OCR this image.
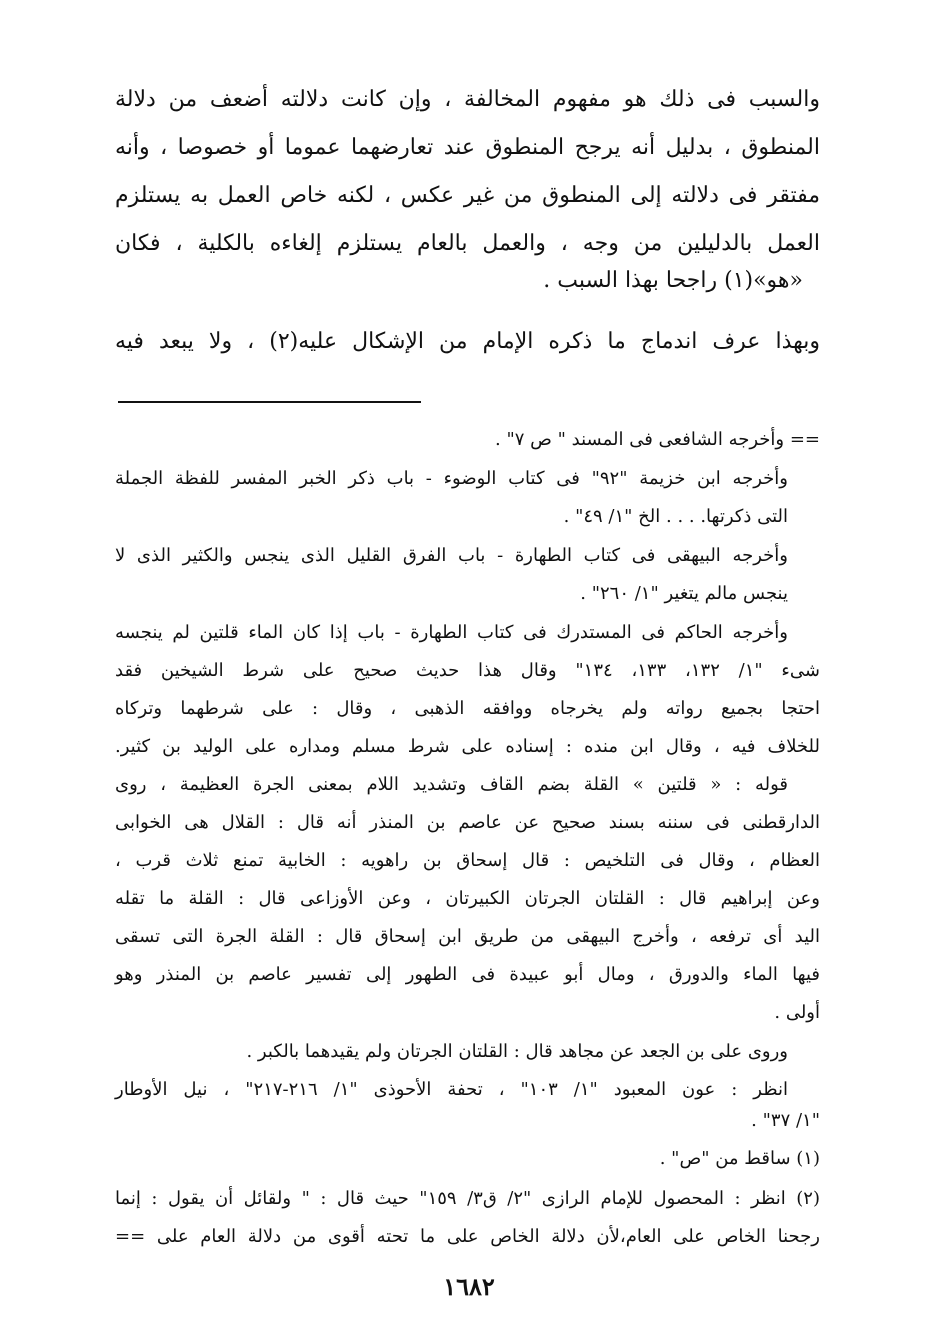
والسبب فى ذلك هو مفهوم المخالفة ، وإن كانت دلالته أضعف من دلالة
المنطوق ، بدليل أنه يرجح المنطوق عند تعارضهما عموما أو خصوصا ، وأنه
مفتقر فى دلالته إلى المنطوق من غير عكس ، لكنه خاص العمل به يستلزم
العمل بالدليلين من وجه ، والعمل بالعام يستلزم إلغاءه بالكلية ، فكان
«هو»(١) راجحا بهذا السبب .
وبهذا عرف اندماج ما ذكره الإمام من الإشكال عليه(٢) ، ولا يبعد فيه
== وأخرجه الشافعى فى المسند " ص ٧" .
وأخرجه ابن خزيمة "٩٢" فى كتاب الوضوء - باب ذكر الخبر المفسر للفظة الجملة
التى ذكرتها. . . . الخ "١/ ٤٩" .
وأخرجه البيهقى فى كتاب الطهارة - باب الفرق القليل الذى ينجس والكثير الذى لا
ينجس مالم يتغير "١/ ٢٦٠" .
وأخرجه الحاكم فى المستدرك فى كتاب الطهارة - باب إذا كان الماء قلتين لم ينجسه
شىء "١/ ١٣٢، ١٣٣، ١٣٤" وقال هذا حديث صحيح على شرط الشيخين فقد
احتجا بجميع رواته ولم يخرجاه ووافقه الذهبى ، وقال : على شرطهما وتركاه
للخلاف فيه ، وقال ابن منده : إسناده على شرط مسلم ومداره على الوليد بن كثير.
قوله : « قلتين » القلة بضم القاف وتشديد اللام بمعنى الجرة العظيمة ، روى
الدارقطنى فى سننه بسند صحيح عن عاصم بن المنذر أنه قال : القلال هى الخوابى
العظام ، وقال فى التلخيص : قال إسحاق بن راهويه : الخابية تمنع ثلاث قرب ،
وعن إبراهيم قال : القلتان الجرتان الكبيرتان ، وعن الأوزاعى قال : القلة ما تقله
اليد أى ترفعه ، وأخرج البيهقى من طريق ابن إسحاق قال : القلة الجرة التى تسقى
فيها الماء والدورق ، ومال أبو عبيدة فى الطهور إلى تفسير عاصم بن المنذر وهو
أولى .
وروى على بن الجعد عن مجاهد قال : القلتان الجرتان ولم يقيدهما بالكبر .
انظر : عون المعبود "١/ ١٠٣" ، تحفة الأحوذى "١/ ٢١٦-٢١٧" ، نيل الأوطار
"١/ ٣٧" .
(١) ساقط من "ص" .
(٢) انظر : المحصول للإمام الرازى "٢/ ق٣/ ١٥٩" حيث قال : " ولقائل أن يقول : إنما
رجحنا الخاص على العام،لأن دلالة الخاص على ما تحته أقوى من دلالة العام على ==
١٦٨٢
